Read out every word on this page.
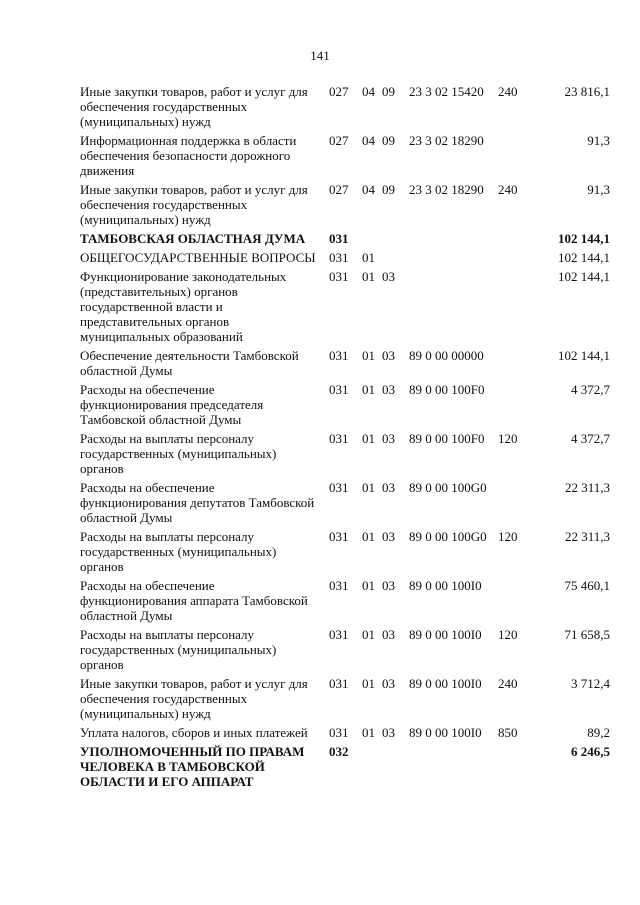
141
Иные закупки товаров, работ и услуг для обеспечения государственных (муниципальных) нужд
027 04 09 23 3 02 15420 240	23 816,1
Информационная поддержка в области обеспечения безопасности дорожного движения
027 04 09 23 3 02 18290	91,3
Иные закупки товаров, работ и услуг для обеспечения государственных (муниципальных) нужд
027 04 09 23 3 02 18290 240	91,3
ТАМБОВСКАЯ ОБЛАСТНАЯ ДУМА	031	102 144,1
ОБЩЕГОСУДАРСТВЕННЫЕ ВОПРОСЫ 031 01	102 144,1
Функционирование законодательных (представительных) органов государственной власти и представительных органов муниципальных образований
031 01 03	102 144,1
Обеспечение деятельности Тамбовской областной Думы
031 01 03 89 0 00 00000	102 144,1
Расходы на обеспечение функционирования председателя Тамбовской областной Думы
031 01 03 89 0 00 100F0	4 372,7
Расходы на выплаты персоналу государственных (муниципальных) органов
031 01 03 89 0 00 100F0 120	4 372,7
Расходы на обеспечение функционирования депутатов Тамбовской областной Думы
031 01 03 89 0 00 100G0	22 311,3
Расходы на выплаты персоналу государственных (муниципальных) органов
031 01 03 89 0 00 100G0 120	22 311,3
Расходы на обеспечение функционирования аппарата Тамбовской областной Думы
031 01 03 89 0 00 100I0	75 460,1
Расходы на выплаты персоналу государственных (муниципальных) органов
031 01 03 89 0 00 100I0 120	71 658,5
Иные закупки товаров, работ и услуг для обеспечения государственных (муниципальных) нужд
031 01 03 89 0 00 100I0 240	3 712,4
Уплата налогов, сборов и иных платежей	031 01 03 89 0 00 100I0 850	89,2
УПОЛНОМОЧЕННЫЙ ПО ПРАВАМ ЧЕЛОВЕКА В ТАМБОВСКОЙ ОБЛАСТИ И ЕГО АППАРАТ
032	6 246,5
